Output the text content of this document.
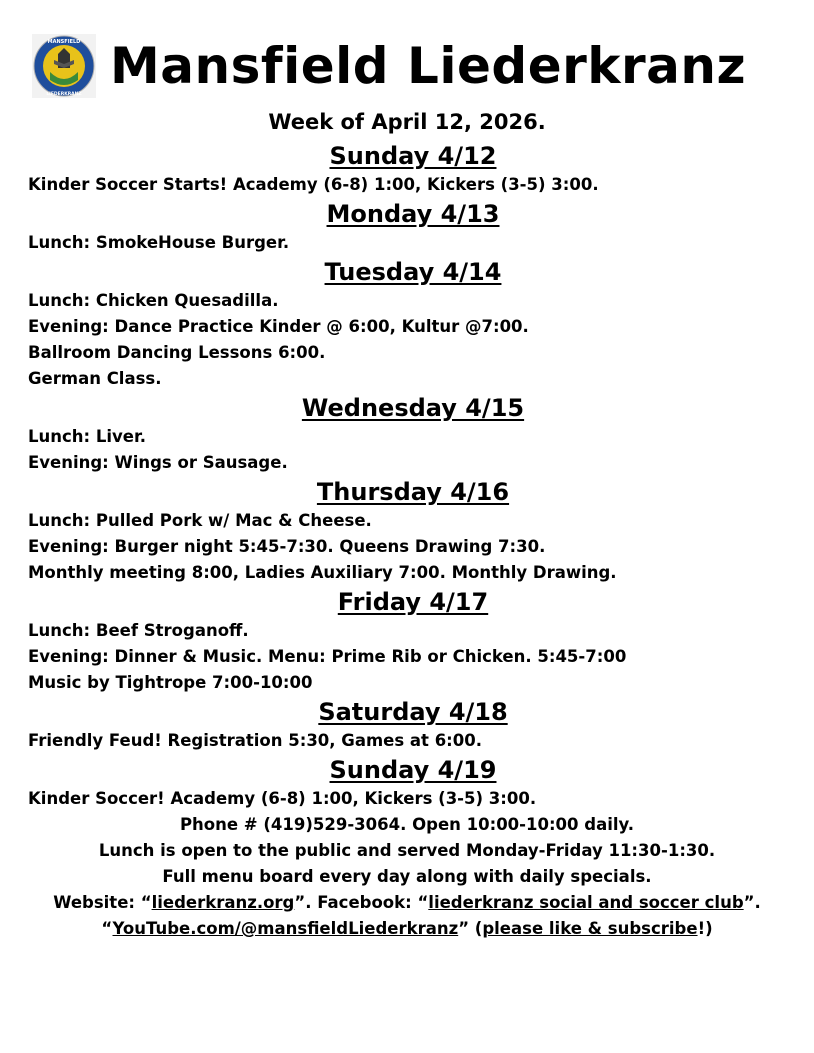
MANSFIELD
LIEDERKRANZ Mansfield Liederkranz
Week of April 12, 2026.
Sunday 4/12
Kinder Soccer Starts! Academy (6-8) 1:00, Kickers (3-5) 3:00.
Monday 4/13
Lunch: SmokeHouse Burger.
Tuesday 4/14
Lunch: Chicken Quesadilla.
Evening: Dance Practice Kinder @ 6:00, Kultur @7:00.
Ballroom Dancing Lessons 6:00.
German Class.
Wednesday 4/15
Lunch: Liver.
Evening: Wings or Sausage.
Thursday 4/16
Lunch: Pulled Pork w/ Mac & Cheese.
Evening: Burger night 5:45-7:30. Queens Drawing 7:30.
Monthly meeting 8:00, Ladies Auxiliary 7:00. Monthly Drawing.
Friday 4/17
Lunch: Beef Stroganoff.
Evening: Dinner & Music. Menu: Prime Rib or Chicken. 5:45-7:00
Music by Tightrope 7:00-10:00
Saturday 4/18
Friendly Feud! Registration 5:30, Games at 6:00.
Sunday 4/19
Kinder Soccer! Academy (6-8) 1:00, Kickers (3-5) 3:00.
Phone # (419)529-3064. Open 10:00-10:00 daily.
Lunch is open to the public and served Monday-Friday 11:30-1:30.
Full menu board every day along with daily specials.
Website: “liederkranz.org”. Facebook: “liederkranz social and soccer club”.
“YouTube.com/@mansfieldLiederkranz” (please like & subscribe!)
